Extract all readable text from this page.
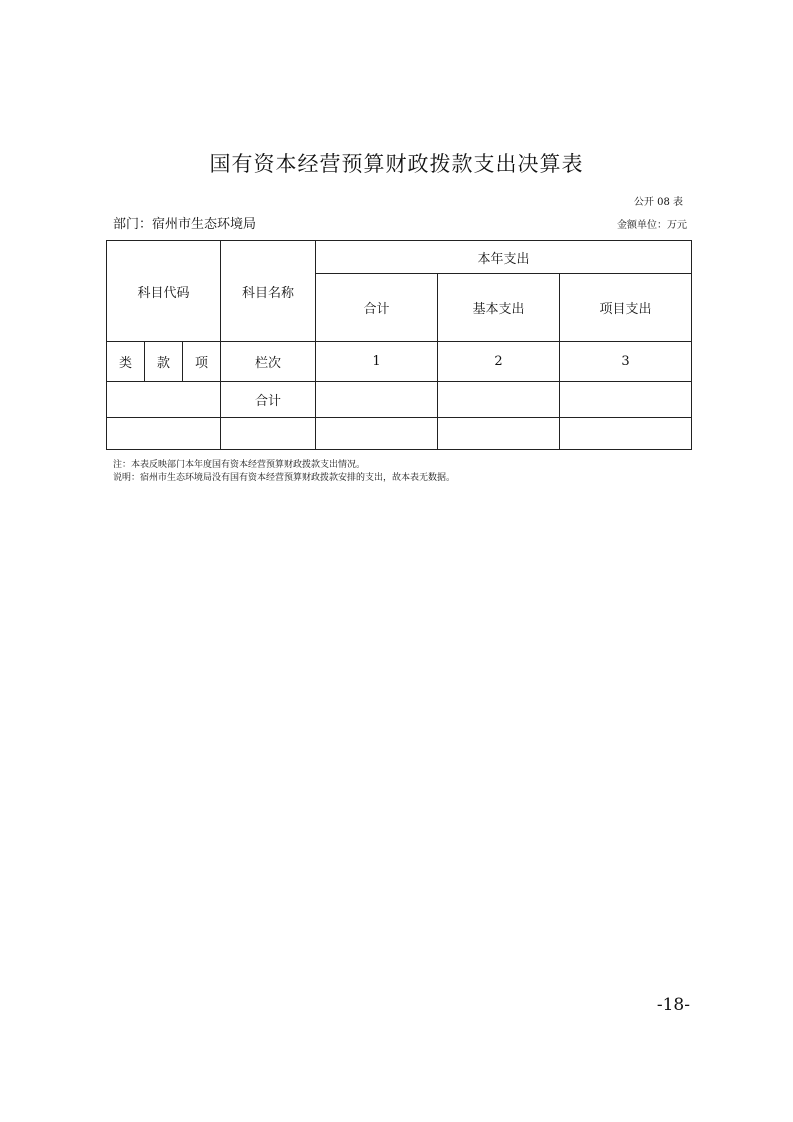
国有资本经营预算财政拨款支出决算表
公开 08 表
部门：宿州市生态环境局	金额单位：万元
科目代码			科目名称	本年支出		
				合计	基本支出	项目支出
类	款	项	栏次	1	2	3
			合计			

注：本表反映部门本年度国有资本经营预算财政拨款支出情况。
说明：宿州市生态环境局没有国有资本经营预算财政拨款安排的支出，故本表无数据。
-18-
